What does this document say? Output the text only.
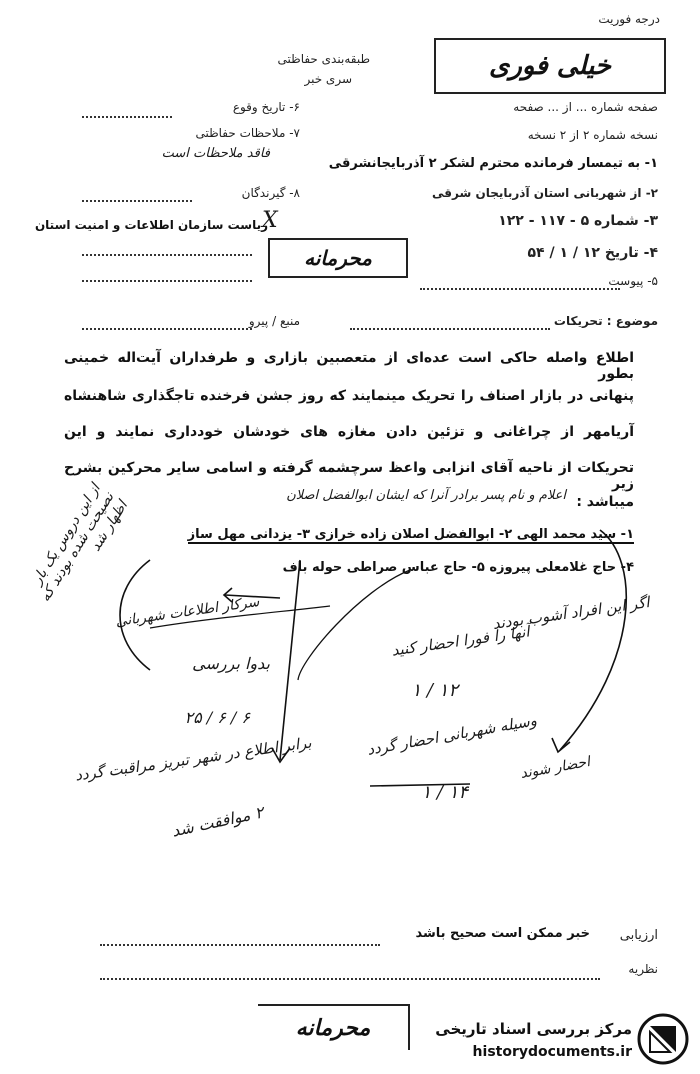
درجه فوریت
خیلی فوری
طبقه‌بندی حفاظتی
سری خبر
صفحه شماره ... از ... صفحه
نسخه شماره ۲ از ۲ نسخه
۶- تاریخ وقوع
۷- ملاحظات حفاظتی
فاقد ملاحظات است
۱- به تیمسار فرمانده محترم لشکر ۲ آذربایجانشرقی
۸- گیرندگان	۲- از شهربانی استان آذربایجان شرقی
ریاست سازمان اطلاعات و امنیت استان
X	۳- شماره ۵ - ۱۱۷ - ۱۲۲
محرمانه	۴- تاریخ ۱۲ / ۱ / ۵۴
۵- پیوست
موضوع : تحریکات
منبع / پیرو
اطلاع واصله حاکی است عده‌ای از متعصبین بازاری و طرفداران آیت‌اله خمینی بطور
پنهانی در بازار اصناف را تحریک مینمایند که روز جشن فرخنده تاجگذاری شاهنشاه
آریامهر از چراغانی و تزئین دادن مغازه های خودشان خودداری نمایند و این
تحریکات از ناحیه آقای انزابی واعظ سرچشمه گرفته و اسامی سایر محرکین بشرح زیر
میباشد :
اعلام و نام پسر برادر آنرا که ایشان ابوالفضل اصلان
۱- سید محمد الهی ۲- ابوالفضل اصلان زاده خرازی ۳- یزدانی مهل ساز
۴- حاج غلامعلی پیروزه ۵- حاج عباس صراطی حوله باف
از این دروس یک بار نصیحت شده بودند که اظهار شد
سرکار اطلاعات شهربانی
بدوا بررسی
۶ / ۶ / ۲۵
برابر اطلاع در شهر تبریز مراقبت گردد
۲ موافقت شد
اگر این افراد آشوب بودند
آنها را فورا احضار کنید
۱۲ / ۱
وسیله شهربانی احضار گردد
احضار شوند
۱۴ / ۱
ارزیابی
خبر ممکن است صحیح باشد
نظریه
محرمانه	مرکز بررسی اسناد تاریخی
historydocuments.ir
